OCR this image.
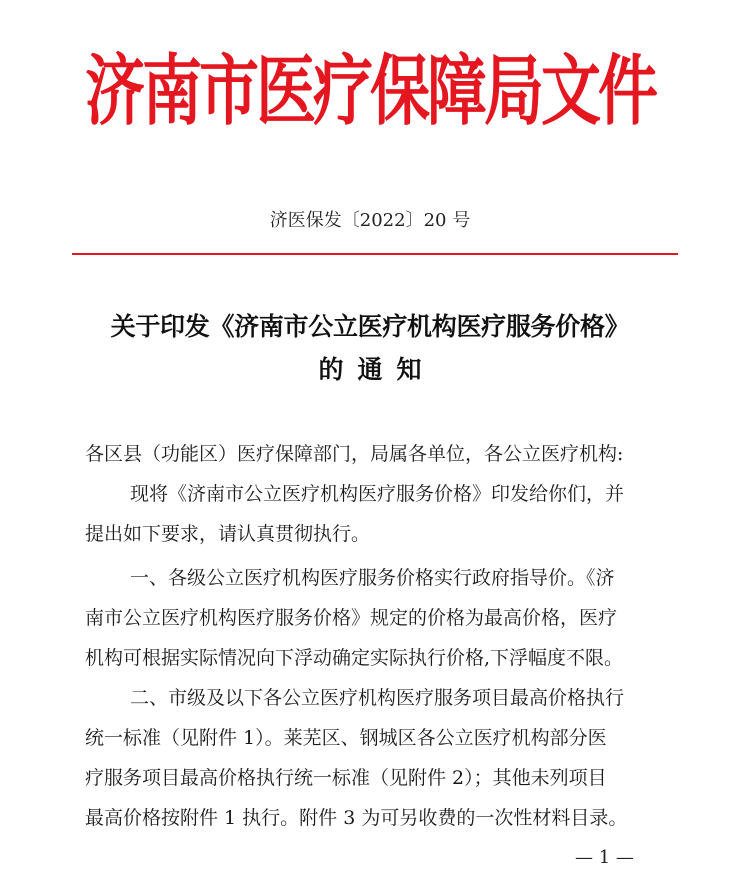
济南市医疗保障局文件
济医保发〔2022〕20 号
关于印发《济南市公立医疗机构医疗服务价格》
的通知
各区县（功能区）医疗保障部门，局属各单位，各公立医疗机构:
现将《济南市公立医疗机构医疗服务价格》印发给你们，并
提出如下要求，请认真贯彻执行。
一、各级公立医疗机构医疗服务价格实行政府指导价。《济
南市公立医疗机构医疗服务价格》规定的价格为最高价格，医疗
机构可根据实际情况向下浮动确定实际执行价格,下浮幅度不限。
二、市级及以下各公立医疗机构医疗服务项目最高价格执行
统一标准（见附件 1）。莱芜区、钢城区各公立医疗机构部分医
疗服务项目最高价格执行统一标准（见附件 2）；其他未列项目
最高价格按附件 1 执行。附件 3 为可另收费的一次性材料目录。
— 1 —
